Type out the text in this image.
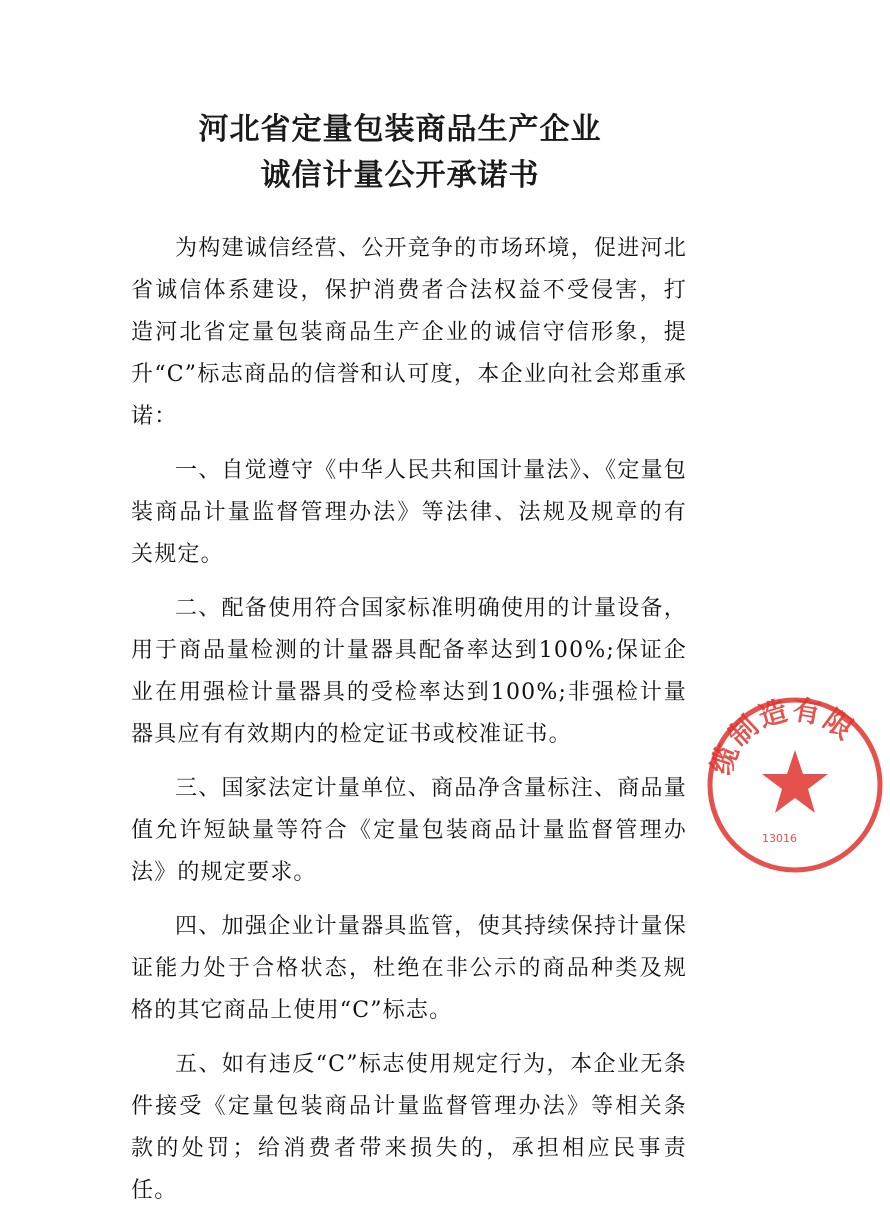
河北省定量包装商品生产企业
诚信计量公开承诺书

为构建诚信经营、公开竞争的市场环境，促进河北省诚信体系建设，保护消费者合法权益不受侵害，打造河北省定量包装商品生产企业的诚信守信形象，提升“C”标志商品的信誉和认可度，本企业向社会郑重承诺：

一、自觉遵守《中华人民共和国计量法》、《定量包装商品计量监督管理办法》等法律、法规及规章的有关规定。

二、配备使用符合国家标准明确使用的计量设备，用于商品量检测的计量器具配备率达到100%;保证企业在用强检计量器具的受检率达到100%;非强检计量器具应有有效期内的检定证书或校准证书。

三、国家法定计量单位、商品净含量标注、商品量值允许短缺量等符合《定量包装商品计量监督管理办法》的规定要求。

四、加强企业计量器具监管，使其持续保持计量保证能力处于合格状态，杜绝在非公示的商品种类及规格的其它商品上使用“C”标志。

五、如有违反“C”标志使用规定行为，本企业无条件接受《定量包装商品计量监督管理办法》等相关条款的处罚；给消费者带来损失的，承担相应民事责任。

缆制造有限
13016
